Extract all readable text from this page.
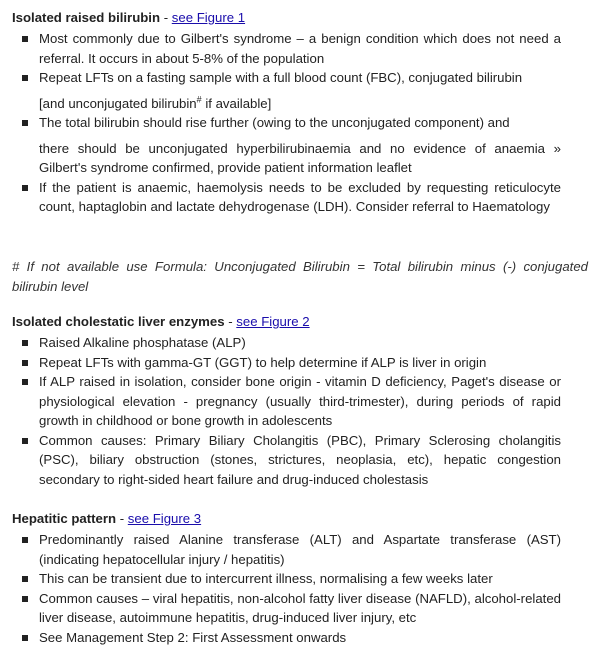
Isolated raised bilirubin - see Figure 1
Most commonly due to Gilbert's syndrome – a benign condition which does not need a referral. It occurs in about 5-8% of the population
Repeat LFTs on a fasting sample with a full blood count (FBC), conjugated bilirubin
[and unconjugated bilirubin# if available]
The total bilirubin should rise further (owing to the unconjugated component) and
there should be unconjugated hyperbilirubinaemia and no evidence of anaemia » Gilbert's syndrome confirmed, provide patient information leaflet
If the patient is anaemic, haemolysis needs to be excluded by requesting reticulocyte count, haptaglobin and lactate dehydrogenase (LDH). Consider referral to Haematology
# If not available use Formula: Unconjugated Bilirubin = Total bilirubin minus (-) conjugated bilirubin level
Isolated cholestatic liver enzymes - see Figure 2
Raised Alkaline phosphatase (ALP)
Repeat LFTs with gamma-GT (GGT) to help determine if ALP is liver in origin
If ALP raised in isolation, consider bone origin - vitamin D deficiency, Paget's disease or physiological elevation - pregnancy (usually third-trimester), during periods of rapid growth in childhood or bone growth in adolescents
Common causes: Primary Biliary Cholangitis (PBC), Primary Sclerosing cholangitis (PSC), biliary obstruction (stones, strictures, neoplasia, etc), hepatic congestion secondary to right-sided heart failure and drug-induced cholestasis
Hepatitic pattern - see Figure 3
Predominantly raised Alanine transferase (ALT) and Aspartate transferase (AST) (indicating hepatocellular injury / hepatitis)
This can be transient due to intercurrent illness, normalising a few weeks later
Common causes – viral hepatitis, non-alcohol fatty liver disease (NAFLD), alcohol-related liver disease, autoimmune hepatitis, drug-induced liver injury, etc
See Management Step 2: First Assessment onwards
